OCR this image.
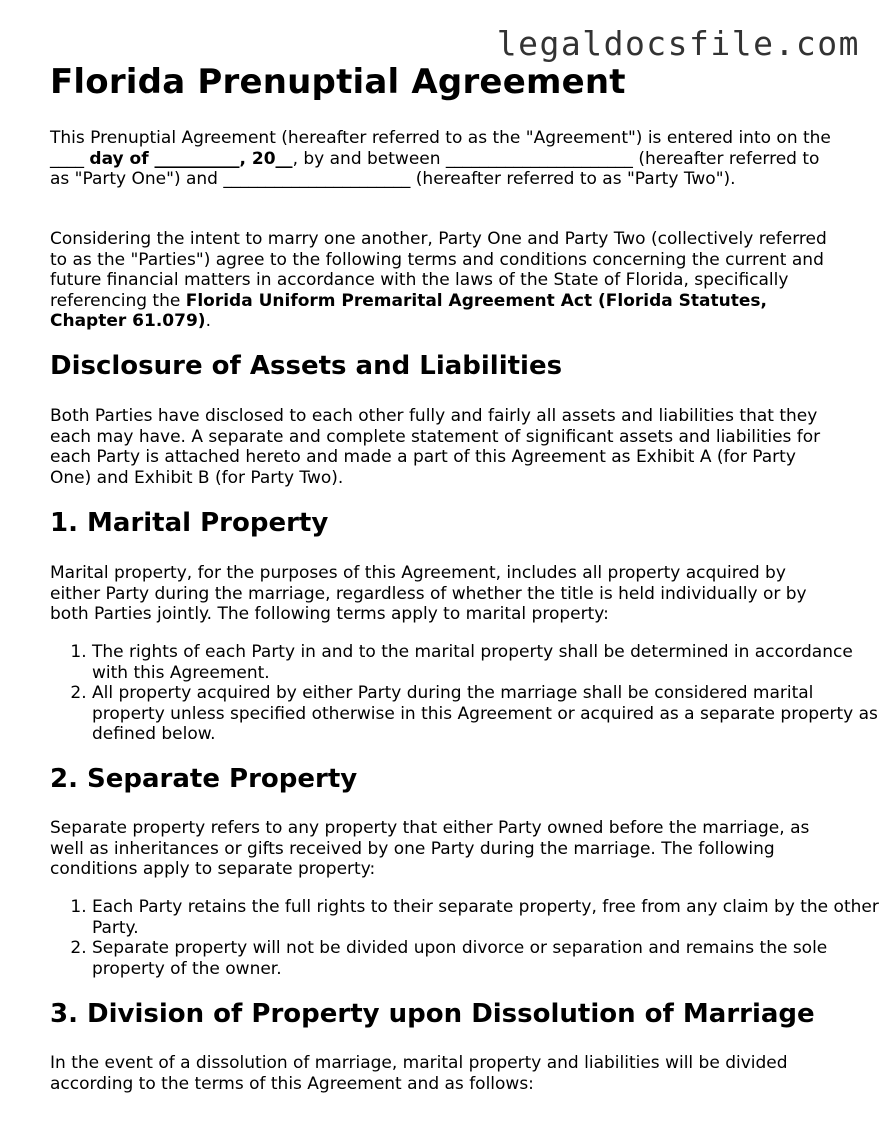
legaldocsfile.com
Florida Prenuptial Agreement

This Prenuptial Agreement (hereafter referred to as the "Agreement") is entered into on the ____ day of __________, 20__, by and between ______________________ (hereafter referred to as "Party One") and ______________________ (hereafter referred to as "Party Two").

Considering the intent to marry one another, Party One and Party Two (collectively referred to as the "Parties") agree to the following terms and conditions concerning the current and future financial matters in accordance with the laws of the State of Florida, specifically referencing the Florida Uniform Premarital Agreement Act (Florida Statutes, Chapter 61.079).

Disclosure of Assets and Liabilities

Both Parties have disclosed to each other fully and fairly all assets and liabilities that they each may have. A separate and complete statement of significant assets and liabilities for each Party is attached hereto and made a part of this Agreement as Exhibit A (for Party One) and Exhibit B (for Party Two).

1. Marital Property

Marital property, for the purposes of this Agreement, includes all property acquired by either Party during the marriage, regardless of whether the title is held individually or by both Parties jointly. The following terms apply to marital property:

1. The rights of each Party in and to the marital property shall be determined in accordance with this Agreement.
2. All property acquired by either Party during the marriage shall be considered marital property unless specified otherwise in this Agreement or acquired as a separate property as defined below.
2. Separate Property

Separate property refers to any property that either Party owned before the marriage, as well as inheritances or gifts received by one Party during the marriage. The following conditions apply to separate property:

1. Each Party retains the full rights to their separate property, free from any claim by the other Party.
2. Separate property will not be divided upon divorce or separation and remains the sole property of the owner.
3. Division of Property upon Dissolution of Marriage

In the event of a dissolution of marriage, marital property and liabilities will be divided according to the terms of this Agreement and as follows:
